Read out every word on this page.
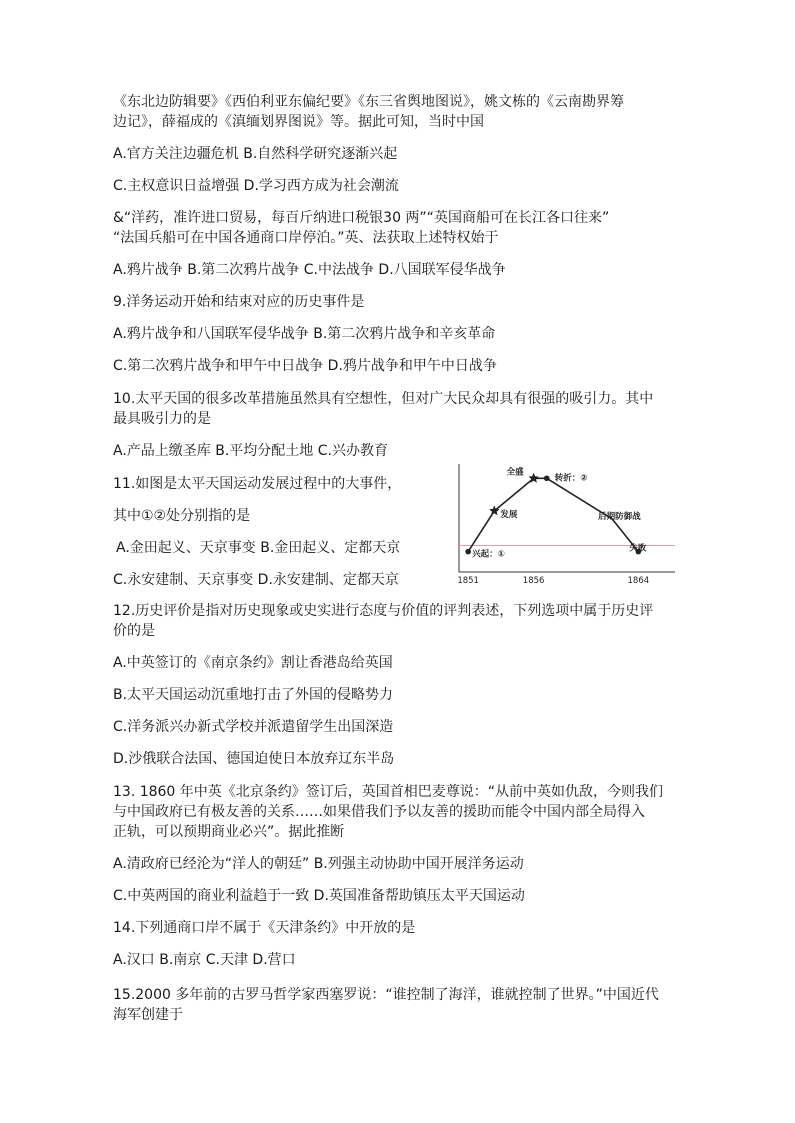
《东北边防辑要》《西伯利亚东偏纪要》《东三省舆地图说》，姚文栋的《云南勘界筹
边记》，薛福成的《滇缅划界图说》等。据此可知，当时中国
A.官方关注边疆危机 B.自然科学研究逐渐兴起
C.主权意识日益增强 D.学习西方成为社会潮流
&“洋药，准许进口贸易，每百斤纳进口税银30 两”“英国商船可在长江各口往来”
“法国兵船可在中国各通商口岸停泊。”英、法获取上述特权始于
A.鸦片战争 B.第二次鸦片战争 C.中法战争 D.八国联军侵华战争
9.洋务运动开始和结束对应的历史事件是
A.鸦片战争和八国联军侵华战争 B.第二次鸦片战争和辛亥革命
C.第二次鸦片战争和甲午中日战争 D.鸦片战争和甲午中日战争
10.太平天国的很多改革措施虽然具有空想性，但对广大民众却具有很强的吸引力。其中
最具吸引力的是
A.产品上缴圣库 B.平均分配土地 C.兴办教育
11.如图是太平天国运动发展过程中的大事件，
其中①②处分别指的是
A.金田起义、天京事变 B.金田起义、定都天京
C.永安建制、天京事变 D.永安建制、定都天京
兴起：①
发展
全盛
转折：②
后期防御战
失败
1851	1856	1864
12.历史评价是指对历史现象或史实进行态度与价值的评判表述，下列选项中属于历史评
价的是
A.中英签订的《南京条约》割让香港岛给英国
B.太平天国运动沉重地打击了外国的侵略势力
C.洋务派兴办新式学校并派遣留学生出国深造
D.沙俄联合法国、德国迫使日本放弃辽东半岛
13. 1860 年中英《北京条约》签订后，英国首相巴麦尊说：“从前中英如仇敌，今则我们
与中国政府已有极友善的关系……如果借我们予以友善的援助而能令中国内部全局得入
正轨，可以预期商业必兴”。据此推断
A.清政府已经沦为“洋人的朝廷” B.列强主动协助中国开展洋务运动
C.中英两国的商业利益趋于一致 D.英国准备帮助镇压太平天国运动
14.下列通商口岸不属于《天津条约》中开放的是
A.汉口 B.南京 C.天津 D.营口
15.2000 多年前的古罗马哲学家西塞罗说：“谁控制了海洋，谁就控制了世界。”中国近代
海军创建于
